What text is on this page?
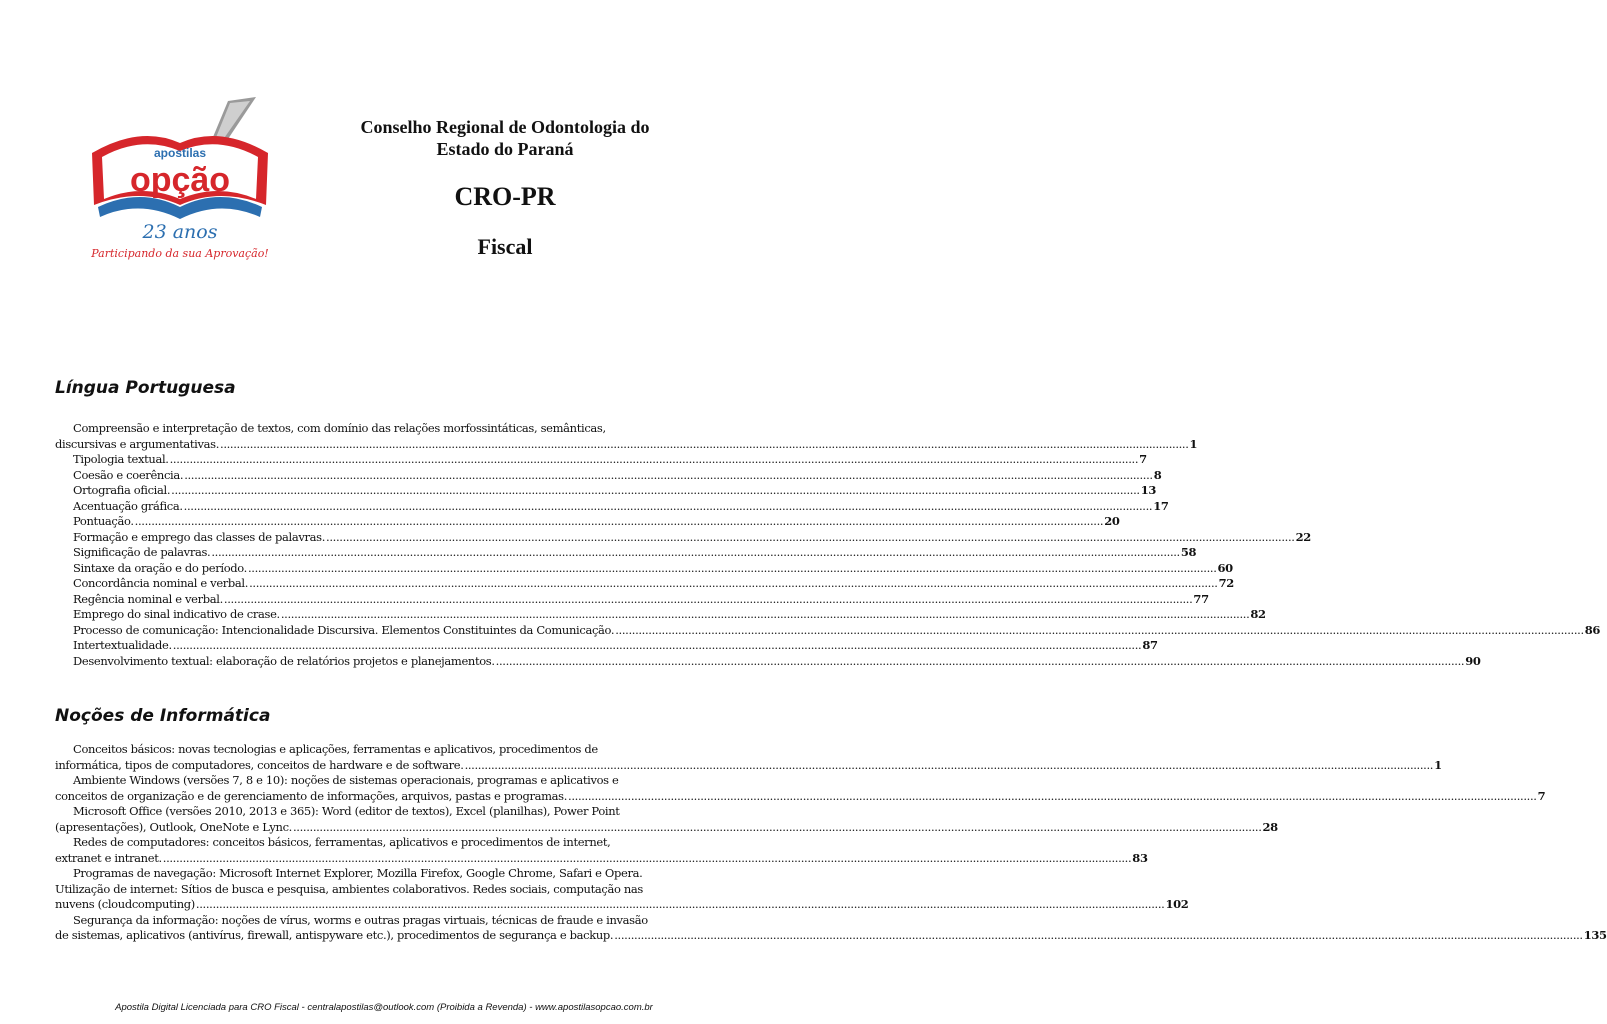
apostilas
opção
23 anos
Participando da sua Aprovação!
Conselho Regional de Odontologia do
Estado do Paraná
CRO-PR
Fiscal
Língua Portuguesa
Compreensão e interpretação de textos, com domínio das relações morfossintáticas, semânticas,
discursivas e argumentativas. .....	1
Tipologia textual. .....	7
Coesão e coerência. .....	8
Ortografia oficial. .....	13
Acentuação gráfica. .....	17
Pontuação. .....	20
Formação e emprego das classes de palavras. .....	22
Significação de palavras. .....	58
Sintaxe da oração e do período. .....	60
Concordância nominal e verbal. .....	72
Regência nominal e verbal. .....	77
Emprego do sinal indicativo de crase. .....	82
Processo de comunicação: Intencionalidade Discursiva. Elementos Constituintes da Comunicação. .....	86
Intertextualidade. .....	87
Desenvolvimento textual: elaboração de relatórios projetos e planejamentos. .....	90
Noções de Informática
Conceitos básicos: novas tecnologias e aplicações, ferramentas e aplicativos, procedimentos de
informática, tipos de computadores, conceitos de hardware e de software. .....	1
Ambiente Windows (versões 7, 8 e 10): noções de sistemas operacionais, programas e aplicativos e
conceitos de organização e de gerenciamento de informações, arquivos, pastas e programas. .....	7
Microsoft Office (versões 2010, 2013 e 365): Word (editor de textos), Excel (planilhas), Power Point
(apresentações), Outlook, OneNote e Lync. .....	28
Redes de computadores: conceitos básicos, ferramentas, aplicativos e procedimentos de internet,
extranet e intranet. .....	83
Programas de navegação: Microsoft Internet Explorer, Mozilla Firefox, Google Chrome, Safari e Opera.
Utilização de internet: Sítios de busca e pesquisa, ambientes colaborativos. Redes sociais, computação nas
nuvens (cloudcomputing) .....	102
Segurança da informação: noções de vírus, worms e outras pragas virtuais, técnicas de fraude e invasão
de sistemas, aplicativos (antivírus, firewall, antispyware etc.), procedimentos de segurança e backup. .....	135
Apostila Digital Licenciada para CRO Fiscal - centralapostilas@outlook.com (Proibida a Revenda) - www.apostilasopcao.com.br
